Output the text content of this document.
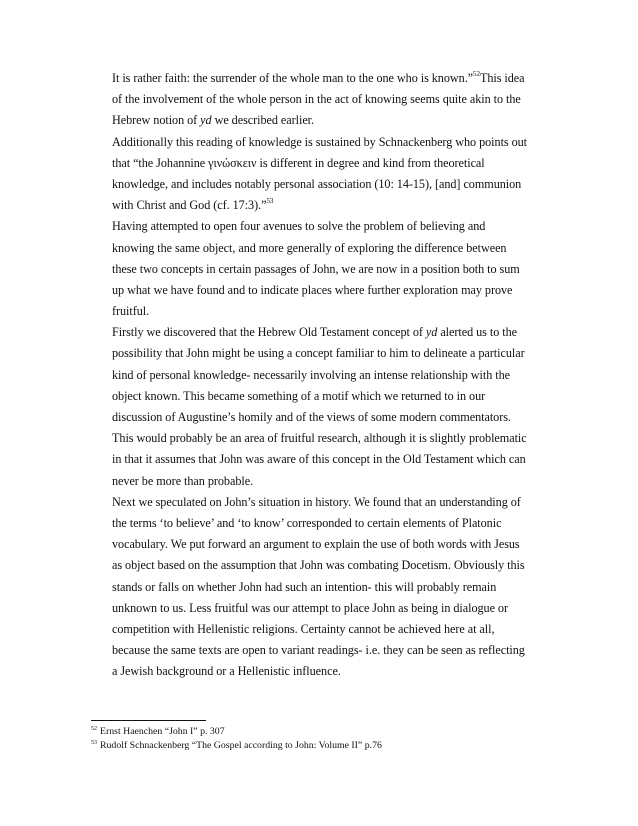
It is rather faith: the surrender of the whole man to the one who is known.”$^{52}$This idea
of the involvement of the whole person in the act of knowing seems quite akin to the
Hebrew notion of yd we described earlier.
Additionally this reading of knowledge is sustained by Schnackenberg who points out
that “the Johannine γινώσκειν is different in degree and kind from theoretical
knowledge, and includes notably personal association (10: 14-15), [and] communion
with Christ and God (cf. 17:3).”$^{53}$
Having attempted to open four avenues to solve the problem of believing and
knowing the same object, and more generally of exploring the difference between
these two concepts in certain passages of John, we are now in a position both to sum
up what we have found and to indicate places where further exploration may prove
fruitful.
Firstly we discovered that the Hebrew Old Testament concept of yd alerted us to the
possibility that John might be using a concept familiar to him to delineate a particular
kind of personal knowledge- necessarily involving an intense relationship with the
object known. This became something of a motif which we returned to in our
discussion of Augustine’s homily and of the views of some modern commentators.
This would probably be an area of fruitful research, although it is slightly problematic
in that it assumes that John was aware of this concept in the Old Testament which can
never be more than probable.
Next we speculated on John’s situation in history. We found that an understanding of
the terms ‘to believe’ and ‘to know’ corresponded to certain elements of Platonic
vocabulary. We put forward an argument to explain the use of both words with Jesus
as object based on the assumption that John was combating Docetism. Obviously this
stands or falls on whether John had such an intention- this will probably remain
unknown to us. Less fruitful was our attempt to place John as being in dialogue or
competition with Hellenistic religions. Certainty cannot be achieved here at all,
because the same texts are open to variant readings- i.e. they can be seen as reflecting
a Jewish background or a Hellenistic influence.
$^{52}$ Ernst Haenchen “John I” p. 307
$^{53}$ Rudolf Schnackenberg “The Gospel according to John: Volume II” p.76
